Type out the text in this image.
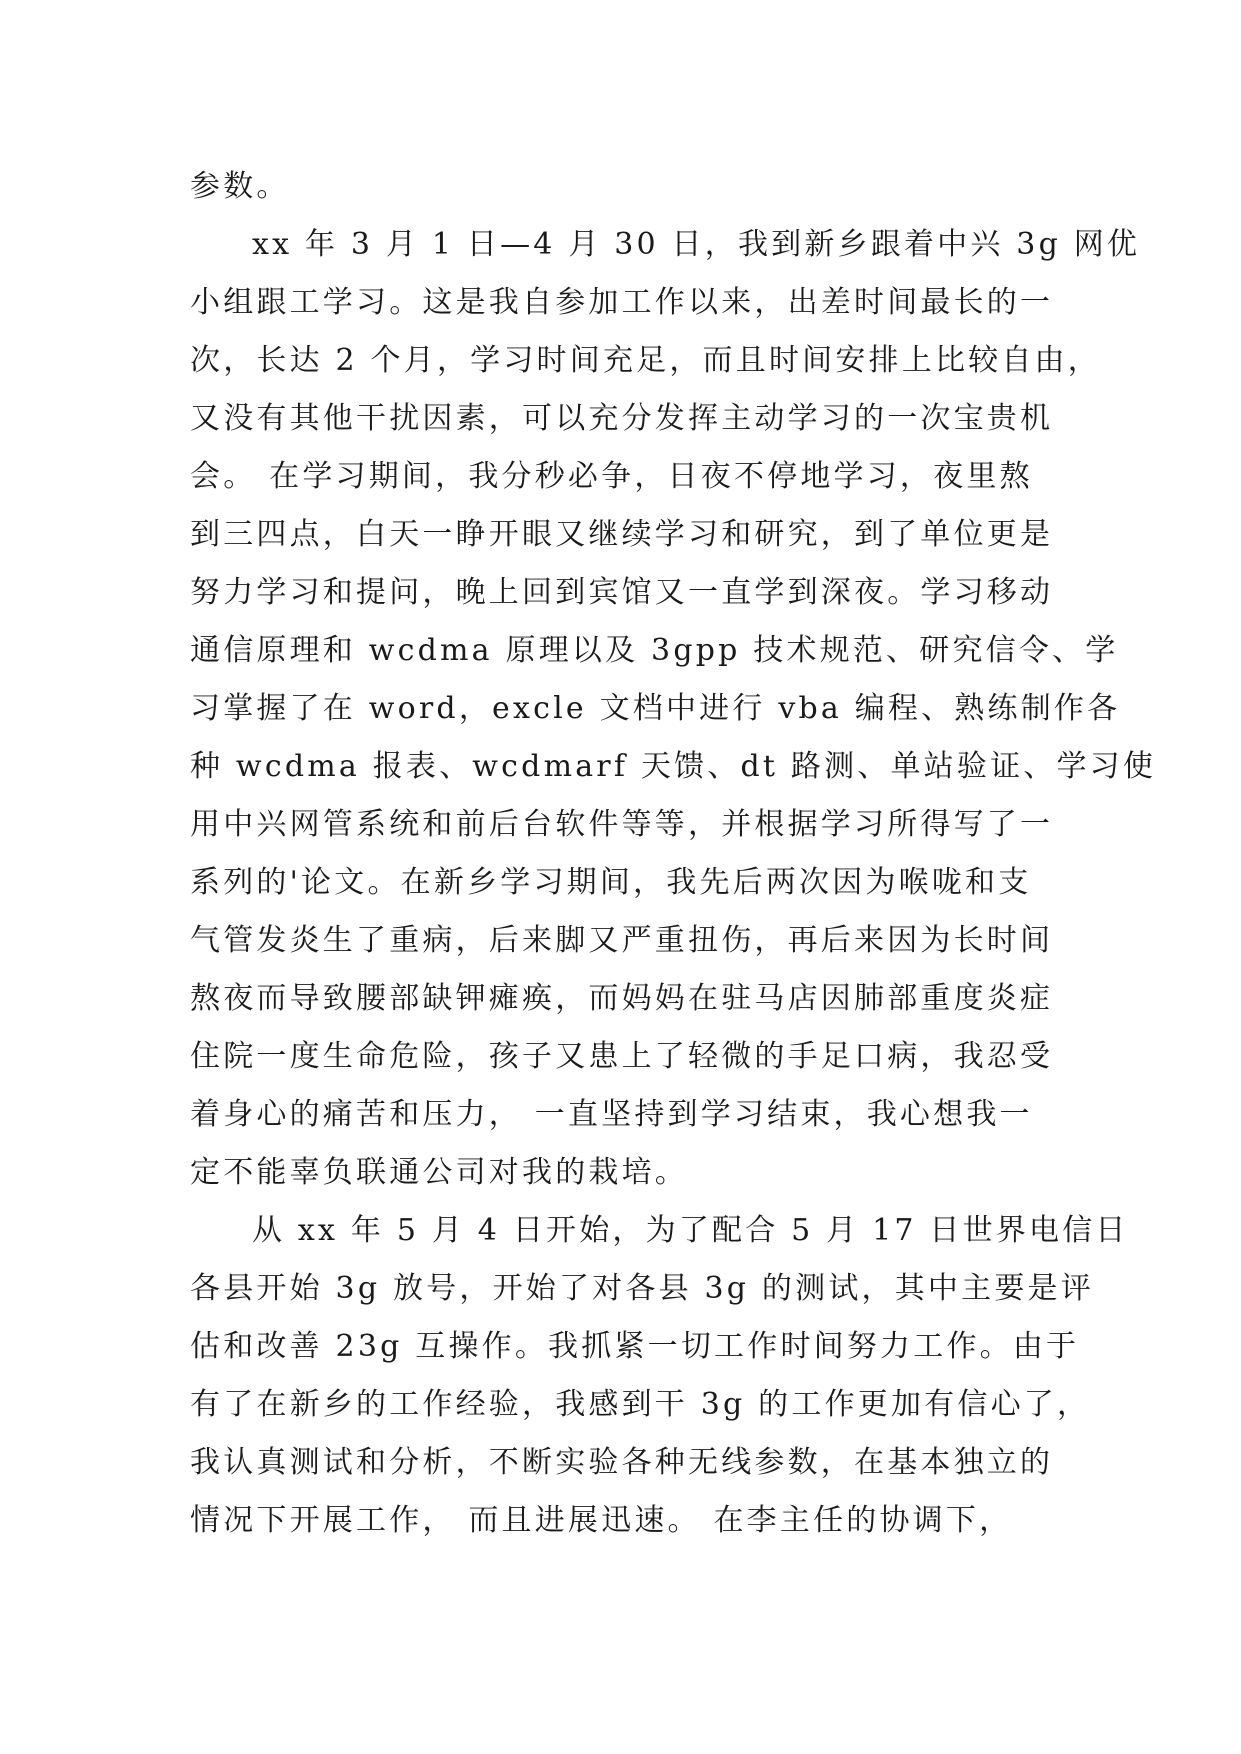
参数。
xx 年 3 月 1 日—4 月 30 日，我到新乡跟着中兴 3g 网优
小组跟工学习。这是我自参加工作以来，出差时间最长的一
次，长达 2 个月，学习时间充足，而且时间安排上比较自由，
又没有其他干扰因素，可以充分发挥主动学习的一次宝贵机
会。 在学习期间，我分秒必争，日夜不停地学习，夜里熬
到三四点，白天一睁开眼又继续学习和研究，到了单位更是
努力学习和提问，晚上回到宾馆又一直学到深夜。学习移动
通信原理和 wcdma 原理以及 3gpp 技术规范、研究信令、学
习掌握了在 word，excle 文档中进行 vba 编程、熟练制作各
种 wcdma 报表、wcdmarf 天馈、dt 路测、单站验证、学习使
用中兴网管系统和前后台软件等等，并根据学习所得写了一
系列的'论文。在新乡学习期间，我先后两次因为喉咙和支
气管发炎生了重病，后来脚又严重扭伤，再后来因为长时间
熬夜而导致腰部缺钾瘫痪，而妈妈在驻马店因肺部重度炎症
住院一度生命危险，孩子又患上了轻微的手足口病，我忍受
着身心的痛苦和压力， 一直坚持到学习结束，我心想我一
定不能辜负联通公司对我的栽培。
从 xx 年 5 月 4 日开始，为了配合 5 月 17 日世界电信日
各县开始 3g 放号，开始了对各县 3g 的测试，其中主要是评
估和改善 23g 互操作。我抓紧一切工作时间努力工作。由于
有了在新乡的工作经验，我感到干 3g 的工作更加有信心了，
我认真测试和分析，不断实验各种无线参数，在基本独立的
情况下开展工作， 而且进展迅速。 在李主任的协调下，
